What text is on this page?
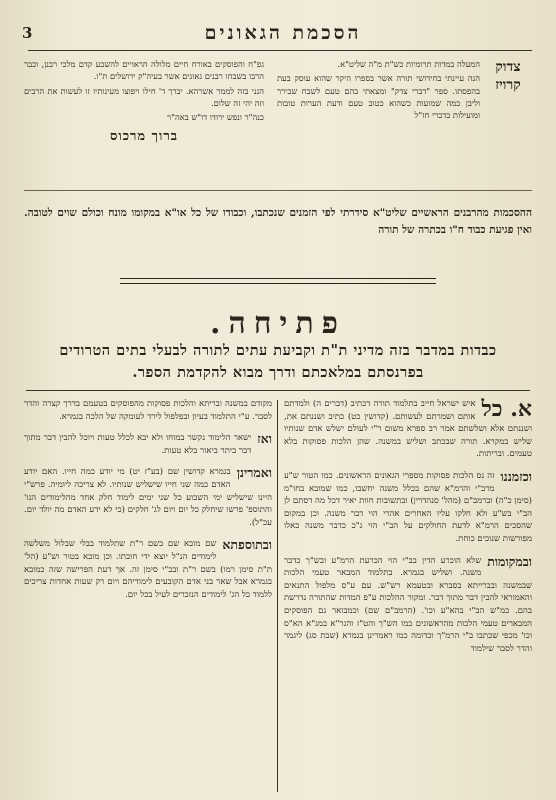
3	הסכמת הגאונים
צדוק קרויז

המעלה במדות תרומיות כש"ת מ"ה שליט"א.

הנה עיינתי בחידושי תורה אשר בספרו היקר שהוא עוסק בעת בהפסתו. ספר "דברי צדק" ומצאתי בהם טעם לשבח שבירר וליבן כמה שמועות כשהוא כטוב טעם ודעת הערות טובות ומועילות בדברי חז"ל

גפ"ח והפוסקים באורח חיים מלולה הראויים להשכע קדם מלכי רבנן, וכבר הרבו בשבחו רבנים גאונים אשר בעיה"ק ירושלים ת"ו.

הנני בזה לממר אשרהא. יברך ד' חילו ויפוצו מעינותיו זו לעשות את הרבים וזה יהי זה שלום.

כנה"ר ונפש ירודו דו"ש באה"ר

ברוך מרכוס
ההסכמות מהרבנים הראשיים שליט"א סידרתי לפי הזמנים שנכתבו, וכבודו של כל או"א במקומו מונח וכולם שוים לטובה. ואין פגיעת כבוד ח"ו בכתרה של תורה
פתיחה.
כבדות במדבר בזה מדיני ת"ת וקביעת עתים לתורה לבעלי בתים הטרודים בפרנסתם במלאכתם ודרך מבוא להקדמת הספר.
א. כל
איש ישראל חייב בתלמוד תורה דכתיב (דברים ה) ולמדתם אותם ושמרתם לעשותם. (קדושין כט) כתיב ושננתם את, ושננתם אלא ושלשתם אמר רב ספרא משום ר"י לעולם ישלש אדם שנותיו שליש במקרא. תורה שבכתב ושליש במשנה. שהן הלכות פסוקות בלא טעמים. ובריתות.
וכזמננו
זה נס הלכות פסוקות מספרי הגאונים הראשונים. כמו הטור ש"ע מרב"י והרמ"א שהם בכלל משנה יחשבו, כמו שמובא בחו"מ (סימן כ"ה) וברמב"ם (מהל' סנהדרין) ובתשובות חוות יאיר דכל מה דסתם לן הב"י בש"ע ולא חלקו עליו האחרים אהרי הוי דבר משנה. וכן במקום שהסכים הרמ"א לדעת החולקים על הב"י הוי ג"כ כדבר משנה כאלו מפורשות שנוכים כוחת.
ובמקומות
שלא הוכרע הדין בב"י הוי הכרעת הרמ"ע ובש"ך כדבר משנה. ושליש בגמרא. בתלמוד המבאר טעמי הלכות שבמשנה ובברייתא בסברא ובטעמא רש"ש. עם ע"ס מלפול התנאים והאמוראי להבין דבר מתוך דבר. ומקור ההלכות ע"פ המדות שהתורה נדרשת בהם. כמ"ש הב"י בהא"ע וכו'. (הרמב"ם שם) וכמבואר נם הפוסקים המבארים טעמי הלכות מהראשונים כמו הש"ך והט"ז והגר"א במג"א הא"ס וכו' מכפי שכתבו ב"י הרמ"ך וכדומה כמו ראמרינן בגמרא (שבת סג) ליגמר והדר לסבר שילמוד
מקודם במשנה ובריתא והלכות פסוקות מהפוסקים בטעמם בדרך קצרה והדר לסבר. ע"י התלמוד בעיון ובפלפול לירד לעומקה של הלכה בגמרא.
ואז
ישאר הלימוד נקשר במוחו ולא יבא לכלל טעות ויוכל להבין דבר מתוך דבר ביתר ביאור בלא טעות.
ואמרינן
בגמרא קדושין שם (בע"ז יט) מי יודע כמה חייו. האם יודע האדם כמה שני חייו שישליש שנותיו. לא צריכה ליומיה. פרש"י היינו שישליש ימי השבוע כל שני ימים לימוד חלק אחד מהלימודים הנו' והתוספ' פרשו שיחלק כל יום ויום לג' חלקים (כי לא ידע האדם מה יולד יום. עכ"ל).
ובתוספתא
שם מובא שם בשם ר"ת שתלמוד בבלי שבלול משלשה לימודים הנ"ל יוצא ידי חובתו. וכן מובא בטור וש"ע (הל' ת"ת סימן רמו) בשם ר"ת ובב"י סימן זה. אך דעת הפרישה שזה כמובא בגמרא אבל שאר בני אדם הקובעים לימודיהם ויום רק שעות אחדות צריכים ללמוד כל הג' לימודים הנזכרים לעיל בכל יום.
